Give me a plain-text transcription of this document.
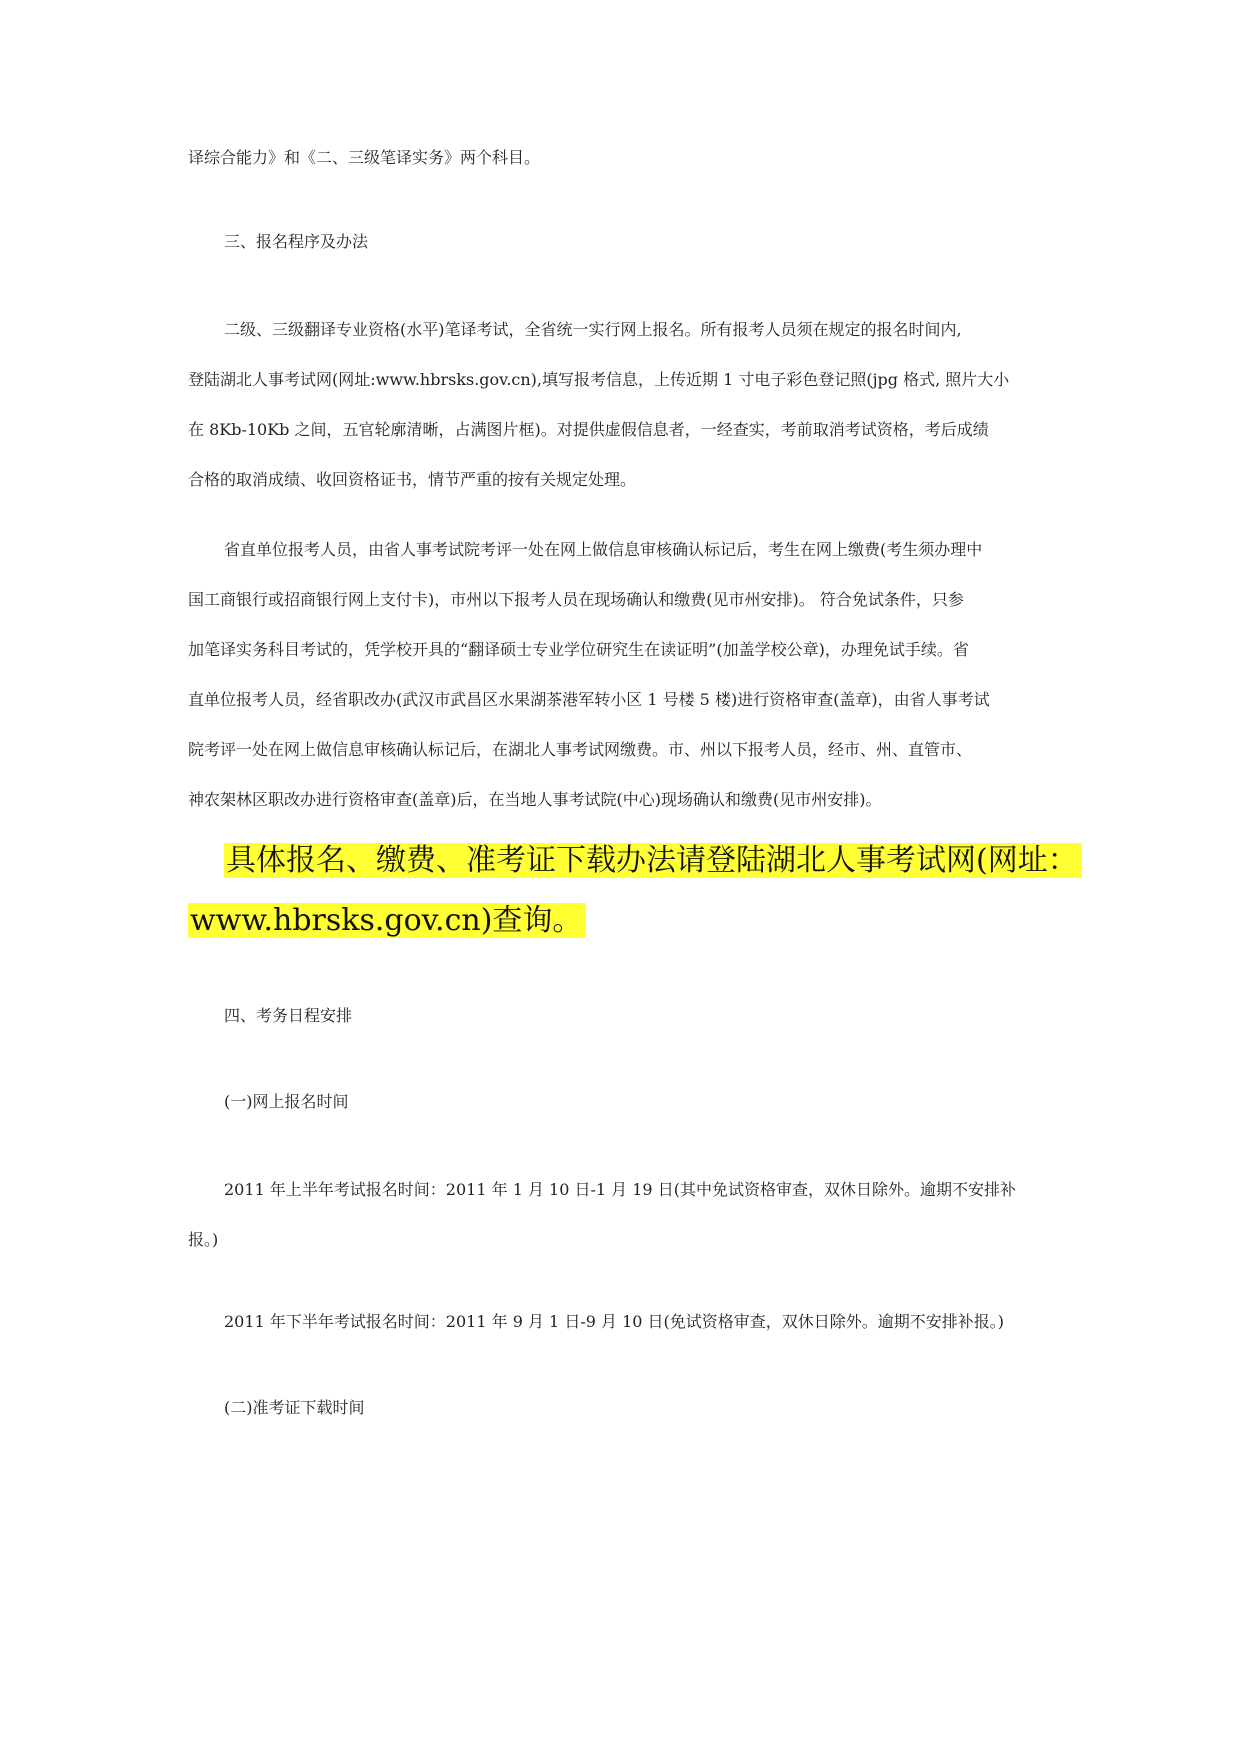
译综合能力》和《二、三级笔译实务》两个科目。
三、报名程序及办法
二级、三级翻译专业资格(水平)笔译考试，全省统一实行网上报名。所有报考人员须在规定的报名时间内,
登陆湖北人事考试网(网址:www.hbrsks.gov.cn),填写报考信息，上传近期 1 寸电子彩色登记照(jpg 格式, 照片大小
在 8Kb-10Kb 之间，五官轮廓清晰，占满图片框)。对提供虚假信息者，一经查实，考前取消考试资格，考后成绩
合格的取消成绩、收回资格证书，情节严重的按有关规定处理。
省直单位报考人员，由省人事考试院考评一处在网上做信息审核确认标记后，考生在网上缴费(考生须办理中
国工商银行或招商银行网上支付卡)，市州以下报考人员在现场确认和缴费(见市州安排)。 符合免试条件，只参
加笔译实务科目考试的，凭学校开具的“翻译硕士专业学位研究生在读证明”(加盖学校公章)，办理免试手续。省
直单位报考人员，经省职改办(武汉市武昌区水果湖茶港军转小区 1 号楼 5 楼)进行资格审查(盖章)，由省人事考试
院考评一处在网上做信息审核确认标记后，在湖北人事考试网缴费。市、州以下报考人员，经市、州、直管市、
神农架林区职改办进行资格审查(盖章)后，在当地人事考试院(中心)现场确认和缴费(见市州安排)。
具体报名、缴费、准考证下载办法请登陆湖北人事考试网(网址：
www.hbrsks.gov.cn)查询。
四、考务日程安排
(一)网上报名时间
2011 年上半年考试报名时间：2011 年 1 月 10 日-1 月 19 日(其中免试资格审查，双休日除外。逾期不安排补
报。)
2011 年下半年考试报名时间：2011 年 9 月 1 日-9 月 10 日(免试资格审查，双休日除外。逾期不安排补报。)
(二)准考证下载时间
